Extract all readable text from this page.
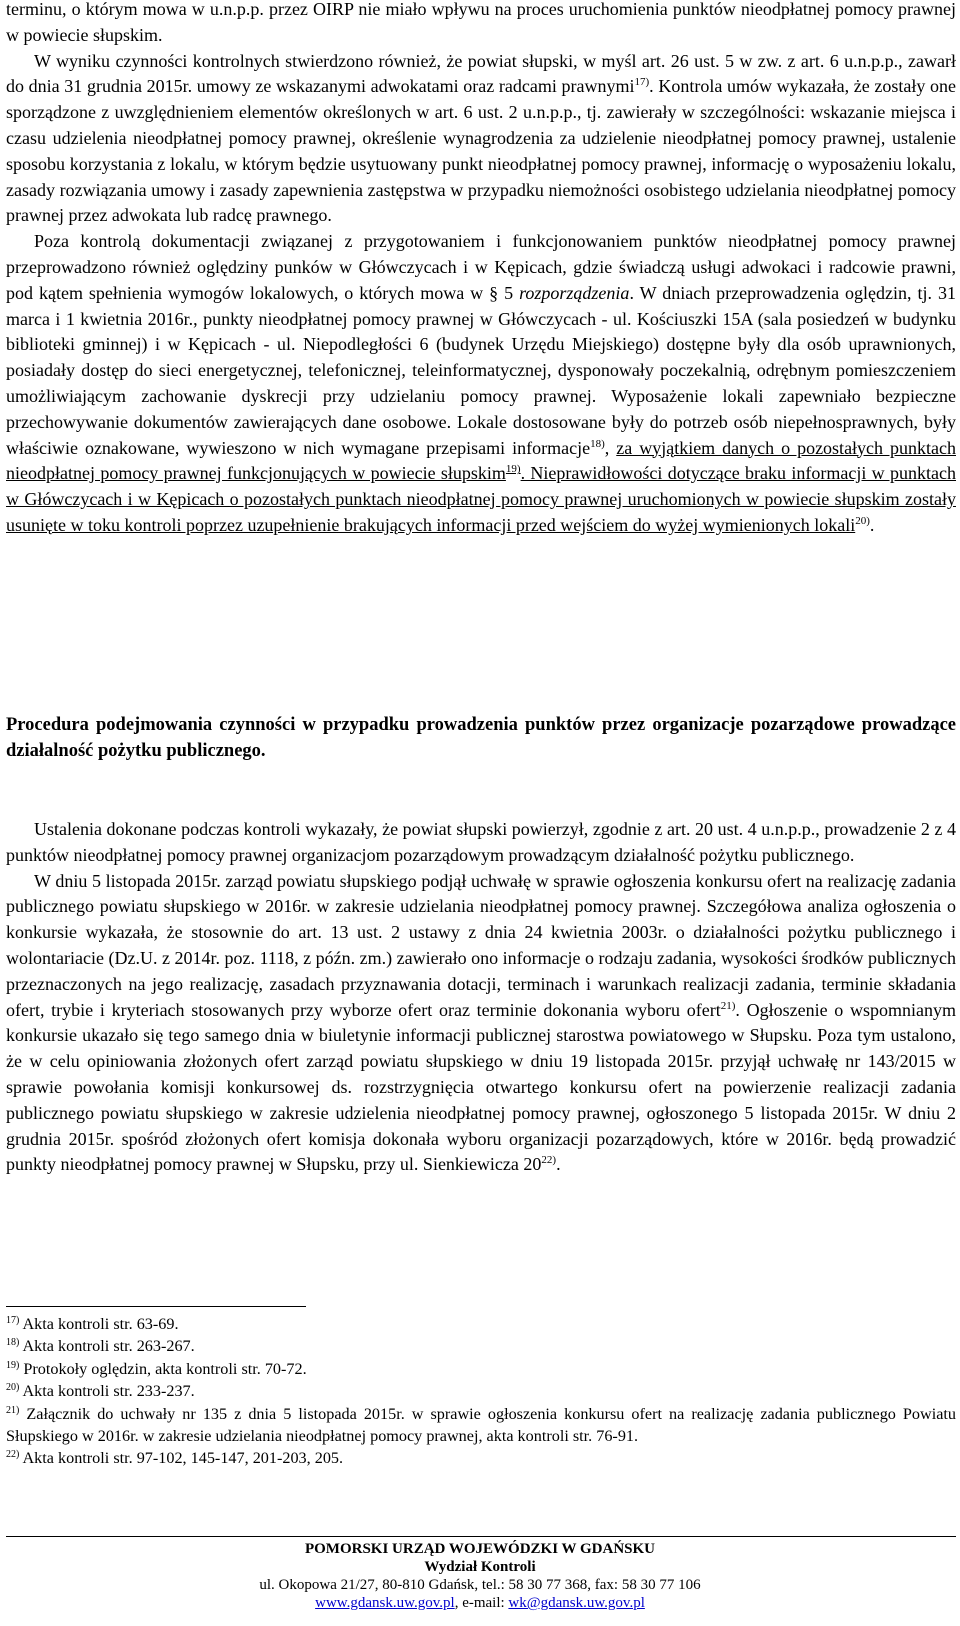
terminu, o którym mowa w u.n.p.p. przez OIRP nie miało wpływu na proces uruchomienia punktów nieodpłatnej pomocy prawnej w powiecie słupskim.

W wyniku czynności kontrolnych stwierdzono również, że powiat słupski, w myśl art. 26 ust. 5 w zw. z art. 6 u.n.p.p., zawarł do dnia 31 grudnia 2015r. umowy ze wskazanymi adwokatami oraz radcami prawnymi$^{17)}$. Kontrola umów wykazała, że zostały one sporządzone z uwzględnieniem elementów określonych w art. 6 ust. 2 u.n.p.p., tj. zawierały w szczególności: wskazanie miejsca i czasu udzielenia nieodpłatnej pomocy prawnej, określenie wynagrodzenia za udzielenie nieodpłatnej pomocy prawnej, ustalenie sposobu korzystania z lokalu, w którym będzie usytuowany punkt nieodpłatnej pomocy prawnej, informację o wyposażeniu lokalu, zasady rozwiązania umowy i zasady zapewnienia zastępstwa w przypadku niemożności osobistego udzielania nieodpłatnej pomocy prawnej przez adwokata lub radcę prawnego.

Poza kontrolą dokumentacji związanej z przygotowaniem i funkcjonowaniem punktów nieodpłatnej pomocy prawnej przeprowadzono również oględziny punków w Główczycach i w Kępicach, gdzie świadczą usługi adwokaci i radcowie prawni, pod kątem spełnienia wymogów lokalowych, o których mowa w § 5 rozporządzenia. W dniach przeprowadzenia oględzin, tj. 31 marca i 1 kwietnia 2016r., punkty nieodpłatnej pomocy prawnej w Główczycach - ul. Kościuszki 15A (sala posiedzeń w budynku biblioteki gminnej) i w Kępicach - ul. Niepodległości 6 (budynek Urzędu Miejskiego) dostępne były dla osób uprawnionych, posiadały dostęp do sieci energetycznej, telefonicznej, teleinformatycznej, dysponowały poczekalnią, odrębnym pomieszczeniem umożliwiającym zachowanie dyskrecji przy udzielaniu pomocy prawnej. Wyposażenie lokali zapewniało bezpieczne przechowywanie dokumentów zawierających dane osobowe. Lokale dostosowane były do potrzeb osób niepełnosprawnych, były właściwie oznakowane, wywieszono w nich wymagane przepisami informacje$^{18)}$, za wyjątkiem danych o pozostałych punktach nieodpłatnej pomocy prawnej funkcjonujących w powiecie słupskim$^{19)}$. Nieprawidłowości dotyczące braku informacji w punktach w Główczycach i w Kępicach o pozostałych punktach nieodpłatnej pomocy prawnej uruchomionych w powiecie słupskim zostały usunięte w toku kontroli poprzez uzupełnienie brakujących informacji przed wejściem do wyżej wymienionych lokali$^{20)}$.

Procedura podejmowania czynności w przypadku prowadzenia punktów przez organizacje pozarządowe prowadzące działalność pożytku publicznego.

Ustalenia dokonane podczas kontroli wykazały, że powiat słupski powierzył, zgodnie z art. 20 ust. 4 u.n.p.p., prowadzenie 2 z 4 punktów nieodpłatnej pomocy prawnej organizacjom pozarządowym prowadzącym działalność pożytku publicznego.

W dniu 5 listopada 2015r. zarząd powiatu słupskiego podjął uchwałę w sprawie ogłoszenia konkursu ofert na realizację zadania publicznego powiatu słupskiego w 2016r. w zakresie udzielania nieodpłatnej pomocy prawnej. Szczegółowa analiza ogłoszenia o konkursie wykazała, że stosownie do art. 13 ust. 2 ustawy z dnia 24 kwietnia 2003r. o działalności pożytku publicznego i wolontariacie (Dz.U. z 2014r. poz. 1118, z późn. zm.) zawierało ono informacje o rodzaju zadania, wysokości środków publicznych przeznaczonych na jego realizację, zasadach przyznawania dotacji, terminach i warunkach realizacji zadania, terminie składania ofert, trybie i kryteriach stosowanych przy wyborze ofert oraz terminie dokonania wyboru ofert$^{21)}$. Ogłoszenie o wspomnianym konkursie ukazało się tego samego dnia w biuletynie informacji publicznej starostwa powiatowego w Słupsku. Poza tym ustalono, że w celu opiniowania złożonych ofert zarząd powiatu słupskiego w dniu 19 listopada 2015r. przyjął uchwałę nr 143/2015 w sprawie powołania komisji konkursowej ds. rozstrzygnięcia otwartego konkursu ofert na powierzenie realizacji zadania publicznego powiatu słupskiego w zakresie udzielenia nieodpłatnej pomocy prawnej, ogłoszonego 5 listopada 2015r. W dniu 2 grudnia 2015r. spośród złożonych ofert komisja dokonała wyboru organizacji pozarządowych, które w 2016r. będą prowadzić punkty nieodpłatnej pomocy prawnej w Słupsku, przy ul. Sienkiewicza 20$^{22)}$.

$^{17)}$ Akta kontroli str. 63-69.
$^{18)}$ Akta kontroli str. 263-267.
$^{19)}$ Protokoły oględzin, akta kontroli str. 70-72.
$^{20)}$ Akta kontroli str. 233-237.
$^{21)}$ Załącznik do uchwały nr 135 z dnia 5 listopada 2015r. w sprawie ogłoszenia konkursu ofert na realizację zadania publicznego Powiatu Słupskiego w 2016r. w zakresie udzielania nieodpłatnej pomocy prawnej, akta kontroli str. 76-91.
$^{22)}$ Akta kontroli str. 97-102, 145-147, 201-203, 205.
POMORSKI URZĄD WOJEWÓDZKI W GDAŃSKU
Wydział Kontroli
ul. Okopowa 21/27, 80-810 Gdańsk, tel.: 58 30 77 368, fax: 58 30 77 106
www.gdansk.uw.gov.pl, e-mail: wk@gdansk.uw.gov.pl
